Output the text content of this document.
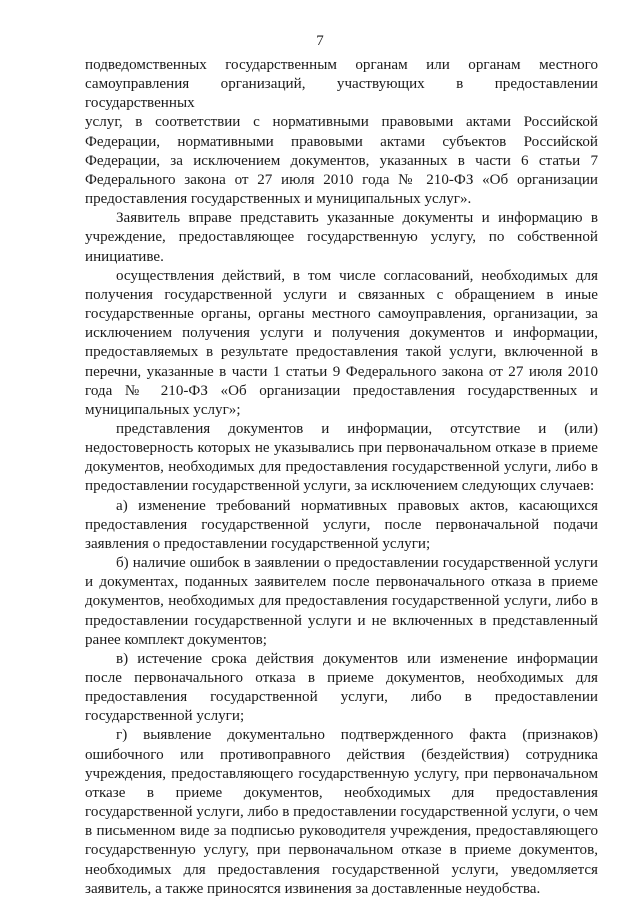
7

подведомственных государственным органам или органам местного

самоуправления организаций, участвующих в предоставлении государственных

услуг, в соответствии с нормативными правовыми актами Российской

Федерации, нормативными правовыми актами субъектов Российской

Федерации, за исключением документов, указанных в части 6 статьи 7

Федерального закона от 27 июля 2010 года № 210-ФЗ «Об организации

предоставления государственных и муниципальных услуг».

Заявитель вправе представить указанные документы и информацию в

учреждение, предоставляющее государственную услугу, по собственной

инициативе.

осуществления действий, в том числе согласований, необходимых для

получения государственной услуги и связанных с обращением в иные

государственные органы, органы местного самоуправления, организации, за

исключением получения услуги и получения документов и информации,

предоставляемых в результате предоставления такой услуги, включенной в

перечни, указанные в части 1 статьи 9 Федерального закона от 27 июля 2010

года № 210-ФЗ «Об организации предоставления государственных и

муниципальных услуг»;

представления документов и информации, отсутствие и (или)

недостоверность которых не указывались при первоначальном отказе в приеме

документов, необходимых для предоставления государственной услуги, либо в

предоставлении государственной услуги, за исключением следующих случаев:

а) изменение требований нормативных правовых актов, касающихся

предоставления государственной услуги, после первоначальной подачи

заявления о предоставлении государственной услуги;

б) наличие ошибок в заявлении о предоставлении государственной услуги

и документах, поданных заявителем после первоначального отказа в приеме

документов, необходимых для предоставления государственной услуги, либо в

предоставлении государственной услуги и не включенных в представленный

ранее комплект документов;

в) истечение срока действия документов или изменение информации

после первоначального отказа в приеме документов, необходимых для

предоставления государственной услуги, либо в предоставлении

государственной услуги;

г) выявление документально подтвержденного факта (признаков)

ошибочного или противоправного действия (бездействия) сотрудника

учреждения, предоставляющего государственную услугу, при первоначальном

отказе в приеме документов, необходимых для предоставления

государственной услуги, либо в предоставлении государственной услуги, о чем

в письменном виде за подписью руководителя учреждения, предоставляющего

государственную услугу, при первоначальном отказе в приеме документов,

необходимых для предоставления государственной услуги, уведомляется

заявитель, а также приносятся извинения за доставленные неудобства.
